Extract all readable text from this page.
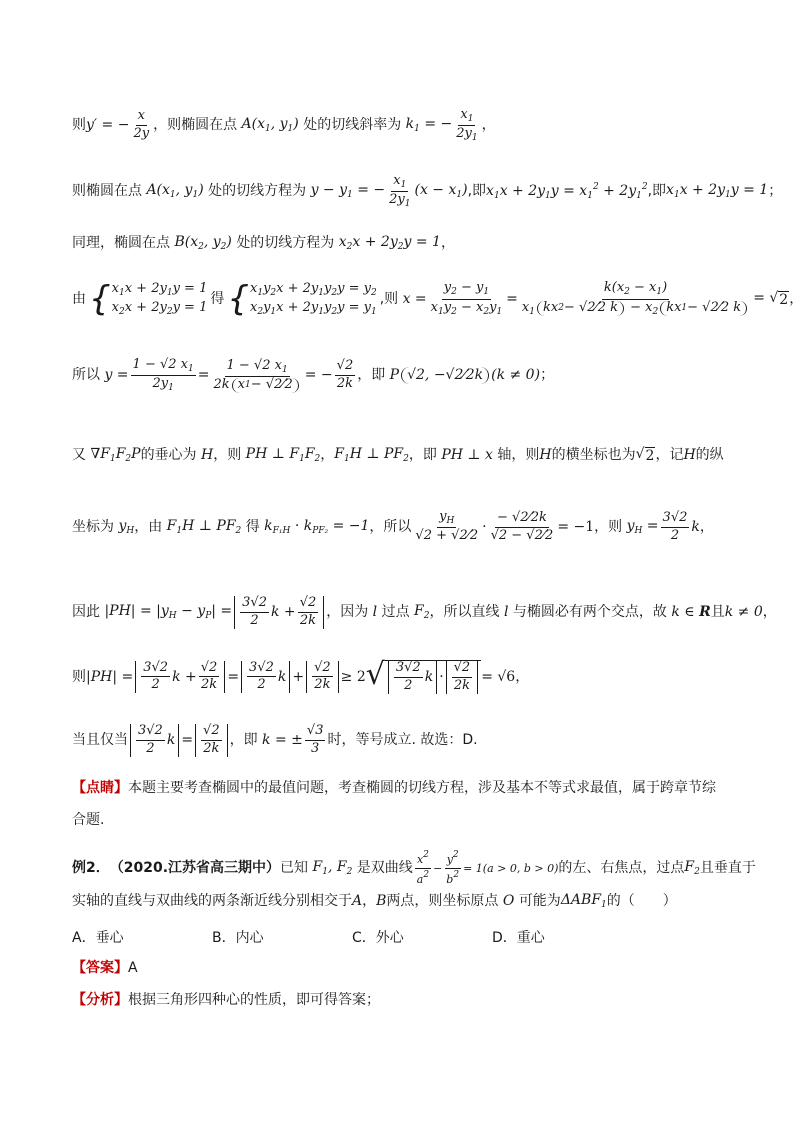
则 y′ = − $\frac{x}{2y}$ ，则椭圆在点 $A(x_1$, $y_1$) 处的切线斜率为 $k_1$ = − $\frac{x_1}{2y_1}$ ，
则椭圆在点 $A(x_1$, $y_1$) 处的切线方程为 $y - y_1$ = − $\frac{x_1}{2y_1} (x - x_1)$ ,即 $x_1x + 2y_1y = x_1^2 + 2y_1^2$ ,即 $x_1x + 2y_1y = 1$ ；
同理，椭圆在点 $B(x_2$, $y_2$) 处的切线方程为 $x_2x + 2y_2y = 1$ ，
由 { $x_1x + 2y_1y = 1$
$x_2x + 2y_2y = 1$
得 { $x_1y_2x + 2y_1y_2y = y_2$
$x_2y_1x + 2y_1y_2y = y_1$
,则 $x = \frac{y_2 - y_1}{x_1y_2 - x_2y_1} = \frac{k(x_2 - x_1)}{x_1 kx 2 - √2⁄2 k - x_2 kx 1 - √2⁄2 k}$ = √ 2 ，
所以 $y = \frac{1 - √2 x_1}{2y_1} = \frac{1 - √2 x_1}{\text{2k x 1 − √2⁄2}}$ = − $\frac{√2}{2k}$ ，即 P √2, −√2⁄2k (k ≠ 0) ；
又 $\nabla F_1F_2P$ 的垂心为 H ，则 PH ⊥ $F_1F_2$ ， $F_1H$ ⊥ $PF_2$ ，即 PH ⊥ x 轴，则 H 的横坐标也为 √ 2 ，记 H 的纵
坐标为 $y_H$ ，由 $F_1H$ ⊥ $PF_2$ 得 $k_{F_1H} \cdot k_{PF_2} = -1$ ，所以 $\frac{y_H}{√2 + √2⁄2} \cdot \frac{- √2⁄2k}{√2 - √2⁄2} = -1$ ，则 $y_H = \frac{3√2}{2}$ k ，
因此 $|PH| = |y_H - y_P| = \frac{3√2}{2}$ $k + \frac{√2}{2k}$ ，因为 l 过点 $F_2$ ，所以直线 l 与椭圆必有两个交点，故 k ∈ R 且 k ≠ 0 ，
则 $|PH| = \frac{3√2}{2}$ $k + \frac{√2}{2k} = \frac{3√2}{2}$ $k + \frac{√2}{2k} \ge 2$ √ $\frac{3√2}{2}$ $k \cdot \frac{√2}{2k} = √6$ ，
当且仅当 $\frac{3√2}{2}$ $k = \frac{√2}{2k}$ ，即 k = ± $\frac{√3}{3}$ 时，等号成立. 故选：D.
【点睛】 本题主要考查椭圆中的最值问题，考查椭圆的切线方程，涉及基本不等式求最值，属于跨章节综
合题.
例2． （2020.江苏省高三期中） 已知 $F_1$, $F_2$ 是双曲线 $\frac{x^2}{a^2} - \frac{y^2}{b^2} = 1(a > 0$, b > 0) 的左、右焦点，过点 $F_2$ 且垂直于
实轴的直线与双曲线的两条渐近线分别相交于 A ， B 两点，则坐标原点 O 可能为 $\Delta ABF_1$ 的（　　）
A．垂心	B．内心	C．外心	D．重心
【答案】 A
【分析】 根据三角形四种心的性质，即可得答案；
